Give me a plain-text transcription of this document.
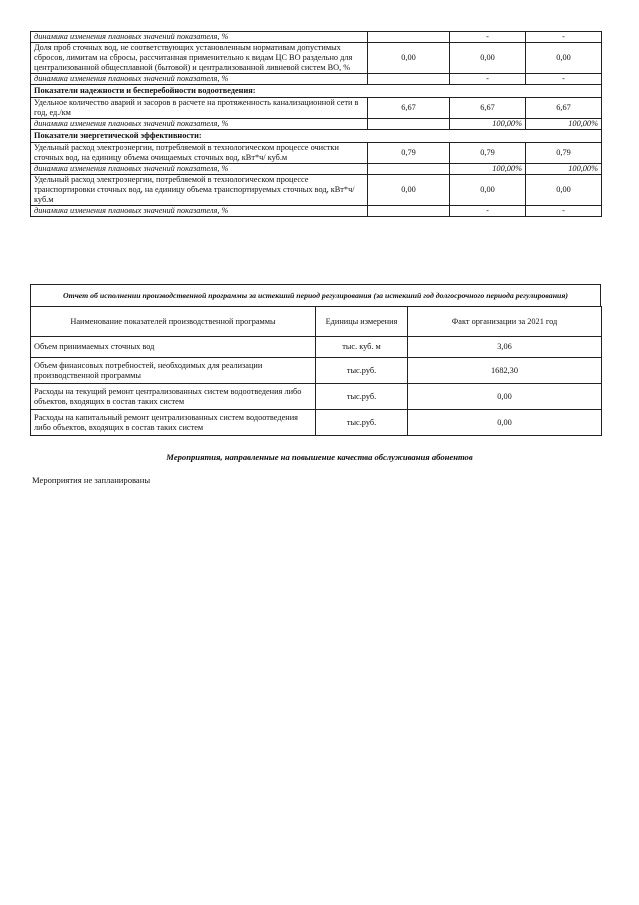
динамика изменения плановых значений показателя, %		-	-
Доля проб сточных вод, не соответствующих установленным нормативам допустимых сбросов, лимитам на сбросы, рассчитанная применительно к видам ЦС ВО раздельно для централизованной общесплавной (бытовой) и централизованной ливневой систем ВО, %	0,00	0,00	0,00
динамика изменения плановых значений показателя, %		-	-
Показатели надежности и бесперебойности водоотведения:			
Удельное количество аварий и засоров в расчете на протяженность канализационной сети в год, ед./км	6,67	6,67	6,67
динамика изменения плановых значений показателя, %		100,00%	100,00%
Показатели энергетической эффективности:			
Удельный расход электроэнергии, потребляемой в технологическом процессе очистки сточных вод, на единицу объема очищаемых сточных вод, кВт*ч/ куб.м	0,79	0,79	0,79
динамика изменения плановых значений показателя, %		100,00%	100,00%
Удельный расход электроэнергии, потребляемой в технологическом процессе транспортировки сточных вод, на единицу объема транспортируемых сточных вод, кВт*ч/ куб.м	0,00	0,00	0,00
динамика изменения плановых значений показателя, %		-	-
Отчет об исполнении производственной программы за истекший период регулирования (за истекший год долгосрочного периода регулирования)
Наименование показателей производственной программы	Единицы измерения	Факт организации за 2021 год
Объем принимаемых сточных вод	тыс. куб. м	3,06
Объем финансовых потребностей, необходимых для реализации производственной программы	тыс.руб.	1682,30
Расходы на текущий ремонт централизованных систем водоотведения либо объектов, входящих в состав таких систем	тыс.руб.	0,00
Расходы на капитальный ремонт централизованных систем водоотведения либо объектов, входящих в состав таких систем	тыс.руб.	0,00
Мероприятия, направленные на повышение качества обслуживания абонентов
Мероприятия не запланированы
